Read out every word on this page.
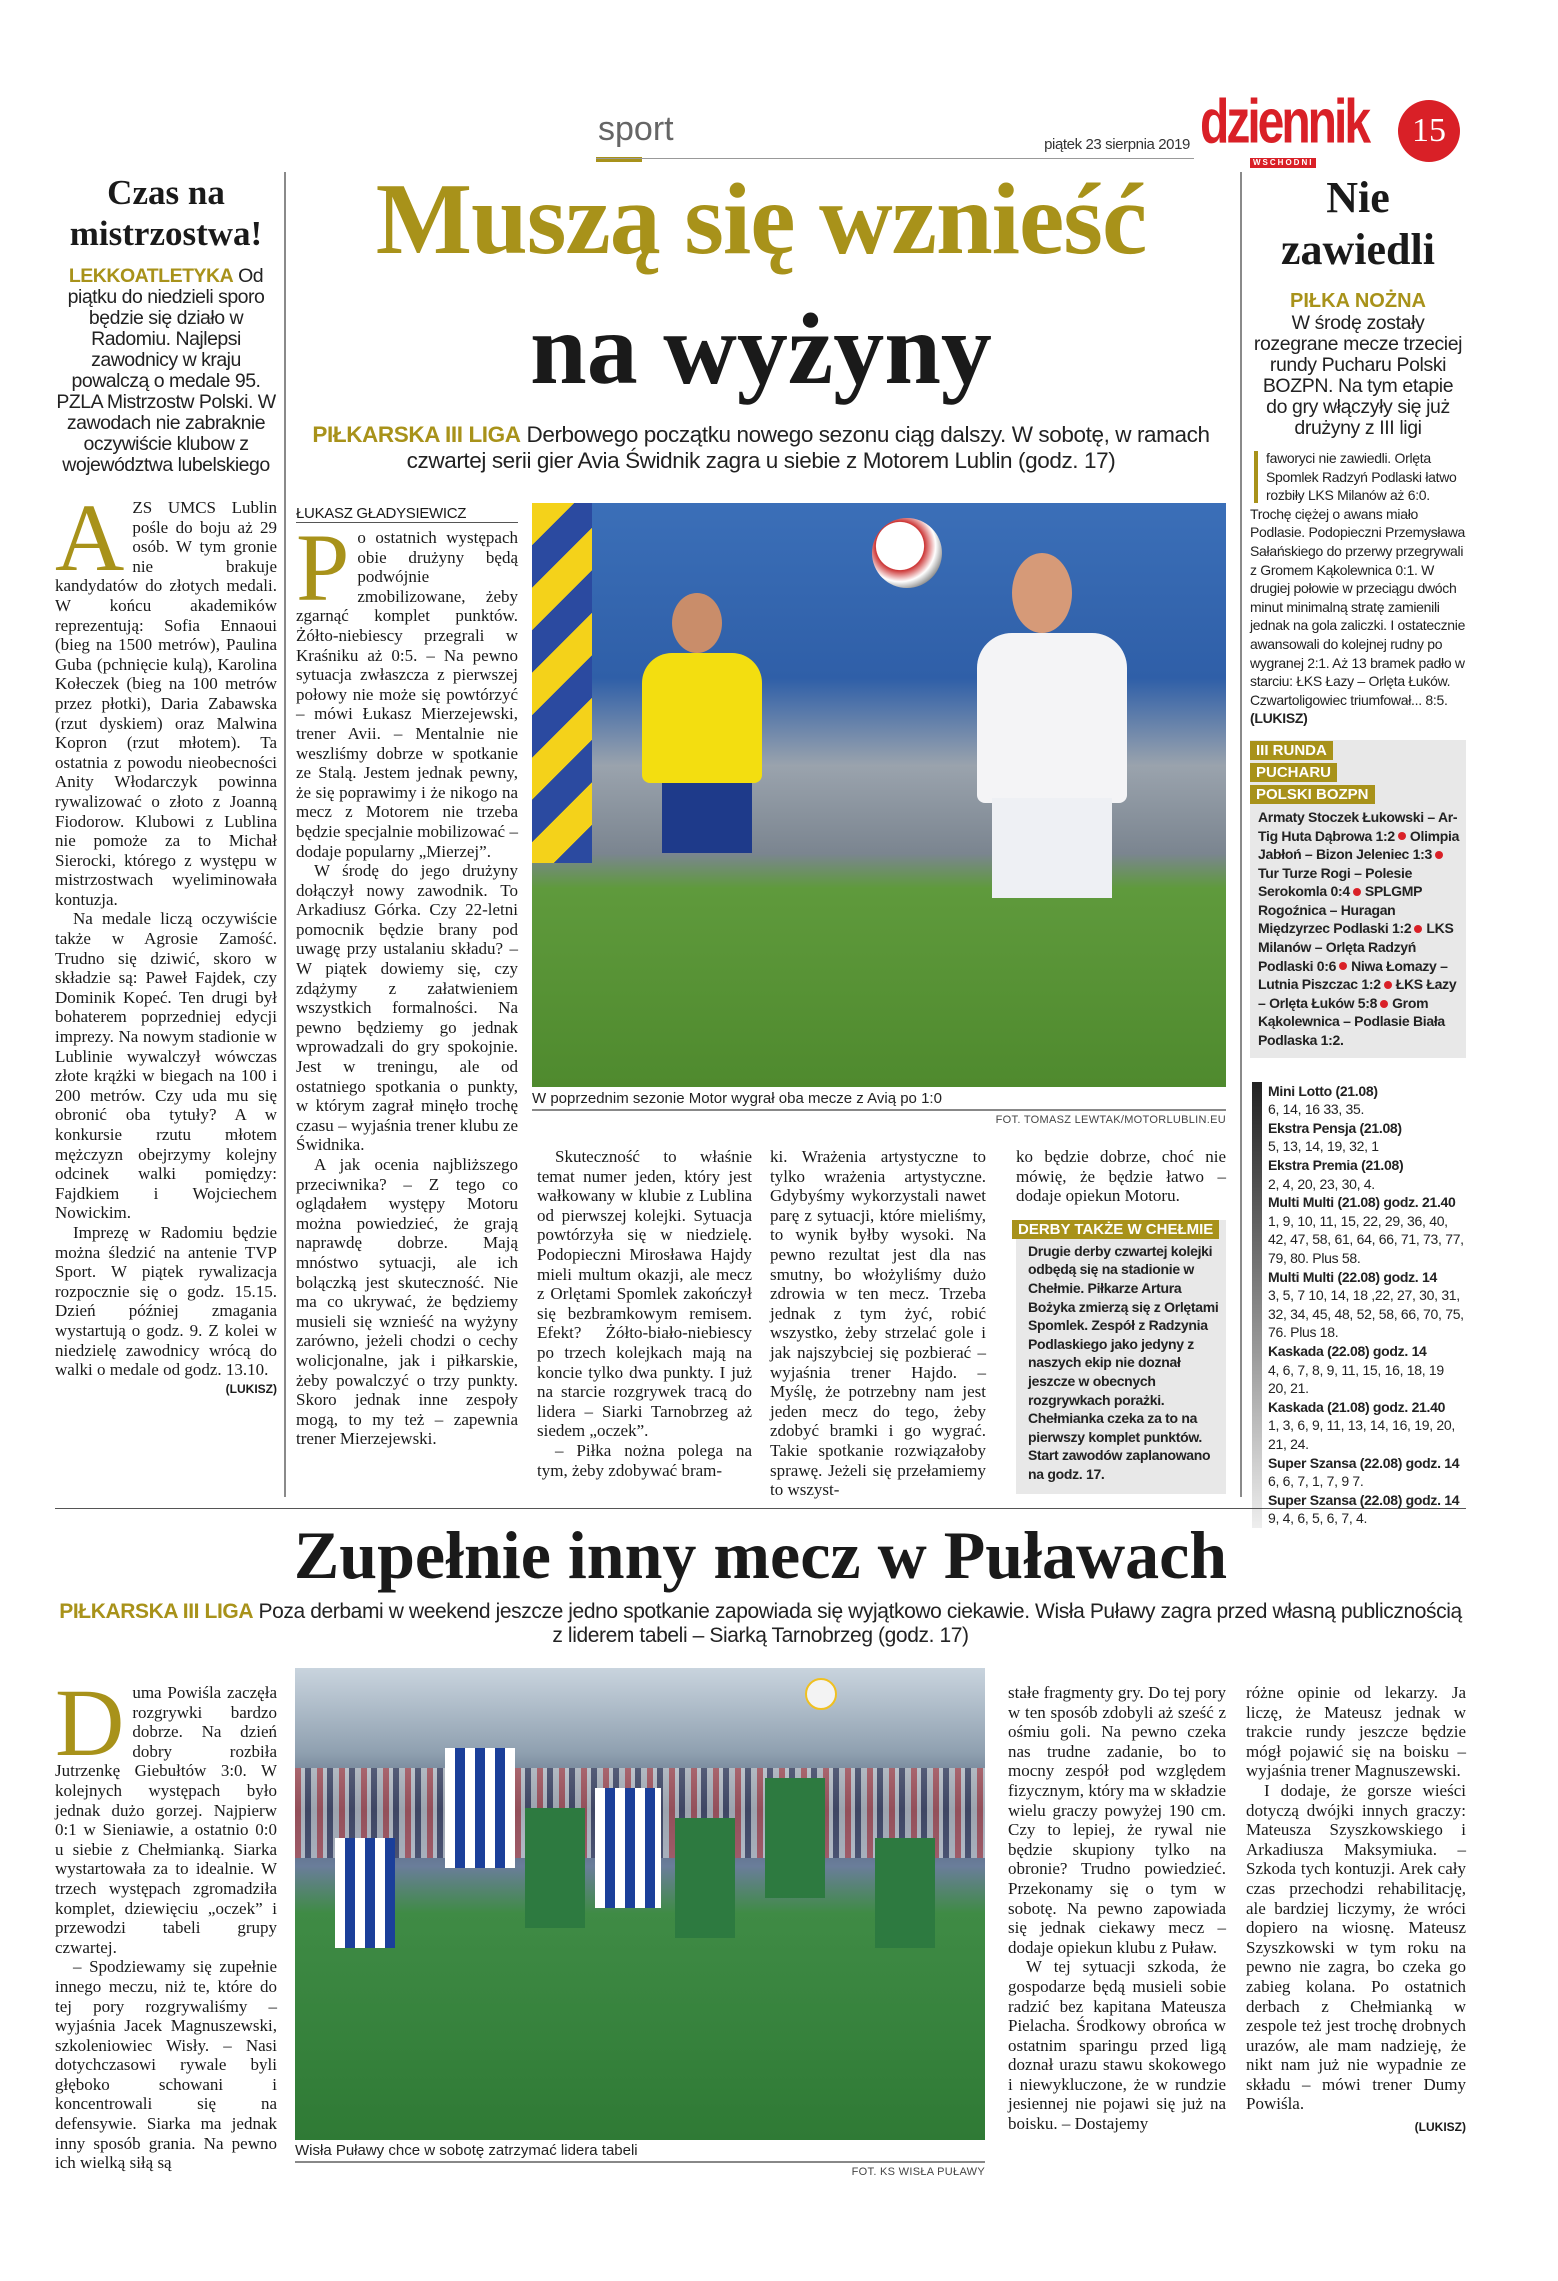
sport	piątek 23 sierpnia 2019 dziennik
WSCHODNI
15
Czas na mistrzostwa!
LEKKOATLETYKA Od piątku do niedzieli sporo będzie się działo w Radomiu. Najlepsi zawodnicy w kraju powalczą o medale 95. PZLA Mistrzostw Polski. W zawodach nie zabraknie oczywiście klubow z województwa lubelskiego
A ZS UMCS Lublin pośle do boju aż 29 osób. W tym gronie nie brakuje kandydatów do złotych medali. W końcu akademików reprezentują: Sofia Ennaoui (bieg na 1500 metrów), Paulina Guba (pchnięcie kulą), Karolina Kołeczek (bieg na 100 metrów przez płotki), Daria Zabawska (rzut dyskiem) oraz Malwina Kopron (rzut młotem). Ta ostatnia z powodu nieobecności Anity Włodarczyk powinna rywalizować o złoto z Joanną Fiodorow. Klubowi z Lublina nie pomoże za to Michał Sierocki, którego z występu w mistrzostwach wyeliminowała kontuzja.

Na medale liczą oczywiście także w Agrosie Zamość. Trudno się dziwić, skoro w składzie są: Paweł Fajdek, czy Dominik Kopeć. Ten drugi był bohaterem poprzedniej edycji imprezy. Na nowym stadionie w Lublinie wywalczył wówczas złote krążki w biegach na 100 i 200 metrów. Czy uda mu się obronić oba tytuły? A w konkursie rzutu młotem mężczyzn obejrzymy kolejny odcinek walki pomiędzy: Fajdkiem i Wojciechem Nowickim.

Imprezę w Radomiu będzie można śledzić na antenie TVP Sport. W piątek rywalizacja rozpocznie się o godz. 15.15. Dzień później zmagania wystartują o godz. 9. Z kolei w niedzielę zawodnicy wrócą do walki o medale od godz. 13.10.

(LUKISZ)
Muszą się wznieść
na wyżyny
PIŁKARSKA III LIGA Derbowego początku nowego sezonu ciąg dalszy. W sobotę, w ramach czwartej serii gier Avia Świdnik zagra u siebie z Motorem Lublin (godz. 17)
ŁUKASZ GŁADYSIEWICZ
P o ostatnich występach obie drużyny będą podwójnie zmobilizowane, żeby zgarnąć komplet punktów. Żółto-niebiescy przegrali w Kraśniku aż 0:5. – Na pewno sytuacja zwłaszcza z pierwszej połowy nie może się powtórzyć – mówi Łukasz Mierzejewski, trener Avii. – Mentalnie nie weszliśmy dobrze w spotkanie ze Stalą. Jestem jednak pewny, że się poprawimy i że nikogo na mecz z Motorem nie trzeba będzie specjalnie mobilizować – dodaje popularny „Mierzej”.

W środę do jego drużyny dołączył nowy zawodnik. To Arkadiusz Górka. Czy 22-letni pomocnik będzie brany pod uwagę przy ustalaniu składu? – W piątek dowiemy się, czy zdążymy z załatwieniem wszystkich formalności. Na pewno będziemy go jednak wprowadzali do gry spokojnie. Jest w treningu, ale od ostatniego spotkania o punkty, w którym zagrał minęło trochę czasu – wyjaśnia trener klubu ze Świdnika.

A jak ocenia najbliższego przeciwnika? – Z tego co oglądałem występy Motoru można powiedzieć, że grają naprawdę dobrze. Mają mnóstwo sytuacji, ale ich bolączką jest skuteczność. Nie ma co ukrywać, że będziemy musieli się wznieść na wyżyny zarówno, jeżeli chodzi o cechy wolicjonalne, jak i piłkarskie, żeby powalczyć o trzy punkty. Skoro jednak inne zespoły mogą, to my też – zapewnia trener Mierzejewski.

W poprzednim sezonie Motor wygrał oba mecze z Avią po 1:0
FOT. TOMASZ LEWTAK/MOTORLUBLIN.EU

Skuteczność to właśnie temat numer jeden, który jest wałkowany w klubie z Lublina od pierwszej kolejki. Sytuacja powtórzyła się w niedzielę. Podopieczni Mirosława Hajdy mieli multum okazji, ale mecz z Orlętami Spomlek zakończył się bezbramkowym remisem. Efekt? Żółto-biało-niebiescy po trzech kolejkach mają na koncie tylko dwa punkty. I już na starcie rozgrywek tracą do lidera – Siarki Tarnobrzeg aż siedem „oczek”.

– Piłka nożna polega na tym, żeby zdobywać bram-

ki. Wrażenia artystyczne to tylko wrażenia artystyczne. Gdybyśmy wykorzystali nawet parę z sytuacji, które mieliśmy, to wynik byłby wysoki. Na pewno rezultat jest dla nas smutny, bo włożyliśmy dużo zdrowia w ten mecz. Trzeba jednak z tym żyć, robić wszystko, żeby strzelać gole i jak najszybciej się pozbierać – wyjaśnia trener Hajdo. – Myślę, że potrzebny nam jest jeden mecz do tego, żeby zdobyć bramki i go wygrać. Takie spotkanie rozwiązałoby sprawę. Jeżeli się przełamiemy to wszyst-

ko będzie dobrze, choć nie mówię, że będzie łatwo – dodaje opiekun Motoru.

DERBY TAKŻE W CHEŁMIE
Drugie derby czwartej kolejki odbędą się na stadionie w Chełmie. Piłkarze Artura Bożyka zmierzą się z Orlętami Spomlek. Zespół z Radzynia Podlaskiego jako jedyny z naszych ekip nie doznał jeszcze w obecnych rozgrywkach porażki. Chełmianka czeka za to na pierwszy komplet punktów. Start zawodów zaplanowano na godz. 17.
Nie
zawiedli
PIŁKA NOŻNA
W środę zostały rozegrane mecze trzeciej rundy Pucharu Polski BOZPN. Na tym etapie do gry włączyły się już drużyny z III ligi
faworyci nie zawiedli. Orlęta Spomlek Radzyń Podlaski łatwo rozbiły LKS Milanów aż 6:0. Trochę ciężej o awans miało Podlasie. Podopieczni Przemysława Sałańskiego do przerwy przegrywali z Gromem Kąkolewnica 0:1. W drugiej połowie w przeciągu dwóch minut minimalną stratę zamienili jednak na gola zaliczki. I ostatecznie awansowali do kolejnej rudny po wygranej 2:1. Aż 13 bramek padło w starciu: ŁKS Łazy – Orlęta Łuków. Czwartoligowiec triumfował... 8:5. (LUKISZ)
III RUNDA PUCHARU POLSKI BOZPN
Armaty Stoczek Łukowski – Ar-Tig Huta Dąbrowa 1:2 Olimpia Jabłoń – Bizon Jeleniec 1:3Tur Turze Rogi – Polesie Serokomla 0:4 SPLGMP Rogoźnica – Huragan Międzyrzec Podlaski 1:2 LKS Milanów – Orlęta Radzyń Podlaski 0:6 Niwa Łomazy – Lutnia Piszczac 1:2 ŁKS Łazy – Orlęta Łuków 5:8 Grom Kąkolewnica – Podlasie Biała Podlaska 1:2.
Mini Lotto (21.08)
6, 14, 16 33, 35.
Ekstra Pensja (21.08)
5, 13, 14, 19, 32, 1
Ekstra Premia (21.08)
2, 4, 20, 23, 30, 4.
Multi Multi (21.08) godz. 21.40
1, 9, 10, 11, 15, 22, 29, 36, 40, 42, 47, 58, 61, 64, 66, 71, 73, 77, 79, 80. Plus 58.
Multi Multi (22.08) godz. 14
3, 5, 7 10, 14, 18 ,22, 27, 30, 31, 32, 34, 45, 48, 52, 58, 66, 70, 75, 76. Plus 18.
Kaskada (22.08) godz. 14
4, 6, 7, 8, 9, 11, 15, 16, 18, 19 20, 21.
Kaskada (21.08) godz. 21.40
1, 3, 6, 9, 11, 13, 14, 16, 19, 20, 21, 24.
Super Szansa (22.08) godz. 14
6, 6, 7, 1, 7, 9 7.
Super Szansa (22.08) godz. 14
9, 4, 6, 5, 6, 7, 4.
Zupełnie inny mecz w Puławach
PIŁKARSKA III LIGA Poza derbami w weekend jeszcze jedno spotkanie zapowiada się wyjątkowo ciekawie. Wisła Puławy zagra przed własną publicznością z liderem tabeli – Siarką Tarnobrzeg (godz. 17)
D uma Powiśla zaczęła rozgrywki bardzo dobrze. Na dzień dobry rozbiła Jutrzenkę Giebułtów 3:0. W kolejnych występach było jednak dużo gorzej. Najpierw 0:1 w Sieniawie, a ostatnio 0:0 u siebie z Chełmianką. Siarka wystartowała za to idealnie. W trzech występach zgromadziła komplet, dziewięciu „oczek” i przewodzi tabeli grupy czwartej.

– Spodziewamy się zupełnie innego meczu, niż te, które do tej pory rozgrywaliśmy – wyjaśnia Jacek Magnuszewski, szkoleniowiec Wisły. – Nasi dotychczasowi rywale byli głęboko schowani i koncentrowali się na defensywie. Siarka ma jednak inny sposób grania. Na pewno ich wielką siłą są

Wisła Puławy chce w sobotę zatrzymać lidera tabeli
FOT. KS WISŁA PUŁAWY

stałe fragmenty gry. Do tej pory w ten sposób zdobyli aż sześć z ośmiu goli. Na pewno czeka nas trudne zadanie, bo to mocny zespół pod względem fizycznym, który ma w składzie wielu graczy powyżej 190 cm. Czy to lepiej, że rywal nie będzie skupiony tylko na obronie? Trudno powiedzieć. Przekonamy się o tym w sobotę. Na pewno zapowiada się jednak ciekawy mecz – dodaje opiekun klubu z Puław.

W tej sytuacji szkoda, że gospodarze będą musieli sobie radzić bez kapitana Mateusza Pielacha. Środkowy obrońca w ostatnim sparingu przed ligą doznał urazu stawu skokowego i niewykluczone, że w rundzie jesiennej nie pojawi się już na boisku. – Dostajemy

różne opinie od lekarzy. Ja liczę, że Mateusz jednak w trakcie rundy jeszcze będzie mógł pojawić się na boisku – wyjaśnia trener Magnuszewski.

I dodaje, że gorsze wieści dotyczą dwójki innych graczy: Mateusza Szyszkowskiego i Arkadiusza Maksymiuka. – Szkoda tych kontuzji. Arek cały czas przechodzi rehabilitację, ale bardziej liczymy, że wróci dopiero na wiosnę. Mateusz Szyszkowski w tym roku na pewno nie zagra, bo czeka go zabieg kolana. Po ostatnich derbach z Chełmianką w zespole też jest trochę drobnych urazów, ale mam nadzieję, że nikt nam już nie wypadnie ze składu – mówi trener Dumy Powiśla.

(LUKISZ)
